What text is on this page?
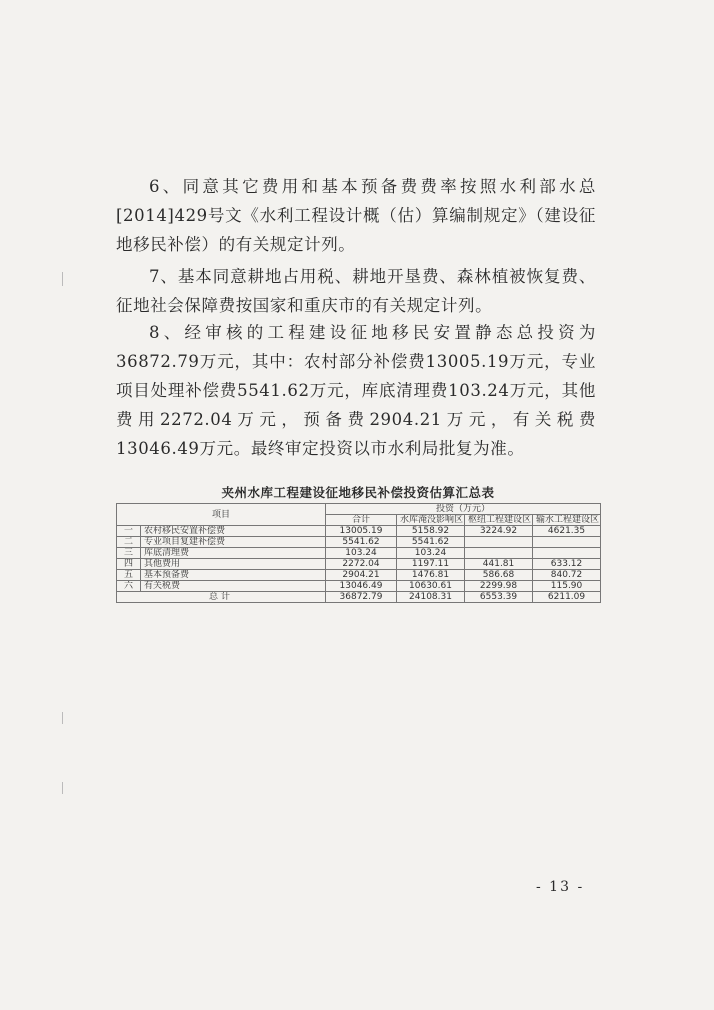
6、同意其它费用和基本预备费费率按照水利部水总[2014]429号文《水利工程设计概（估）算编制规定》（建设征地移民补偿）的有关规定计列。

7、基本同意耕地占用税、耕地开垦费、森林植被恢复费、征地社会保障费按国家和重庆市的有关规定计列。

8、经审核的工程建设征地移民安置静态总投资为36872.79万元，其中：农村部分补偿费13005.19万元，专业项目处理补偿费5541.62万元，库底清理费103.24万元，其他费用2272.04万元，预备费2904.21万元，有关税费13046.49万元。最终审定投资以市水利局批复为准。

夹州水库工程建设征地移民补偿投资估算汇总表
项目		投资（万元）			
		合计	水库淹没影响区	枢纽工程建设区	输水工程建设区
一	农村移民安置补偿费	13005.19	5158.92	3224.92	4621.35
二	专业项目复建补偿费	5541.62	5541.62		
三	库底清理费	103.24	103.24		
四	其他费用	2272.04	1197.11	441.81	633.12
五	基本预备费	2904.21	1476.81	586.68	840.72
六	有关税费	13046.49	10630.61	2299.98	115.90
总计		36872.79	24108.31	6553.39	6211.09
- 13 -
